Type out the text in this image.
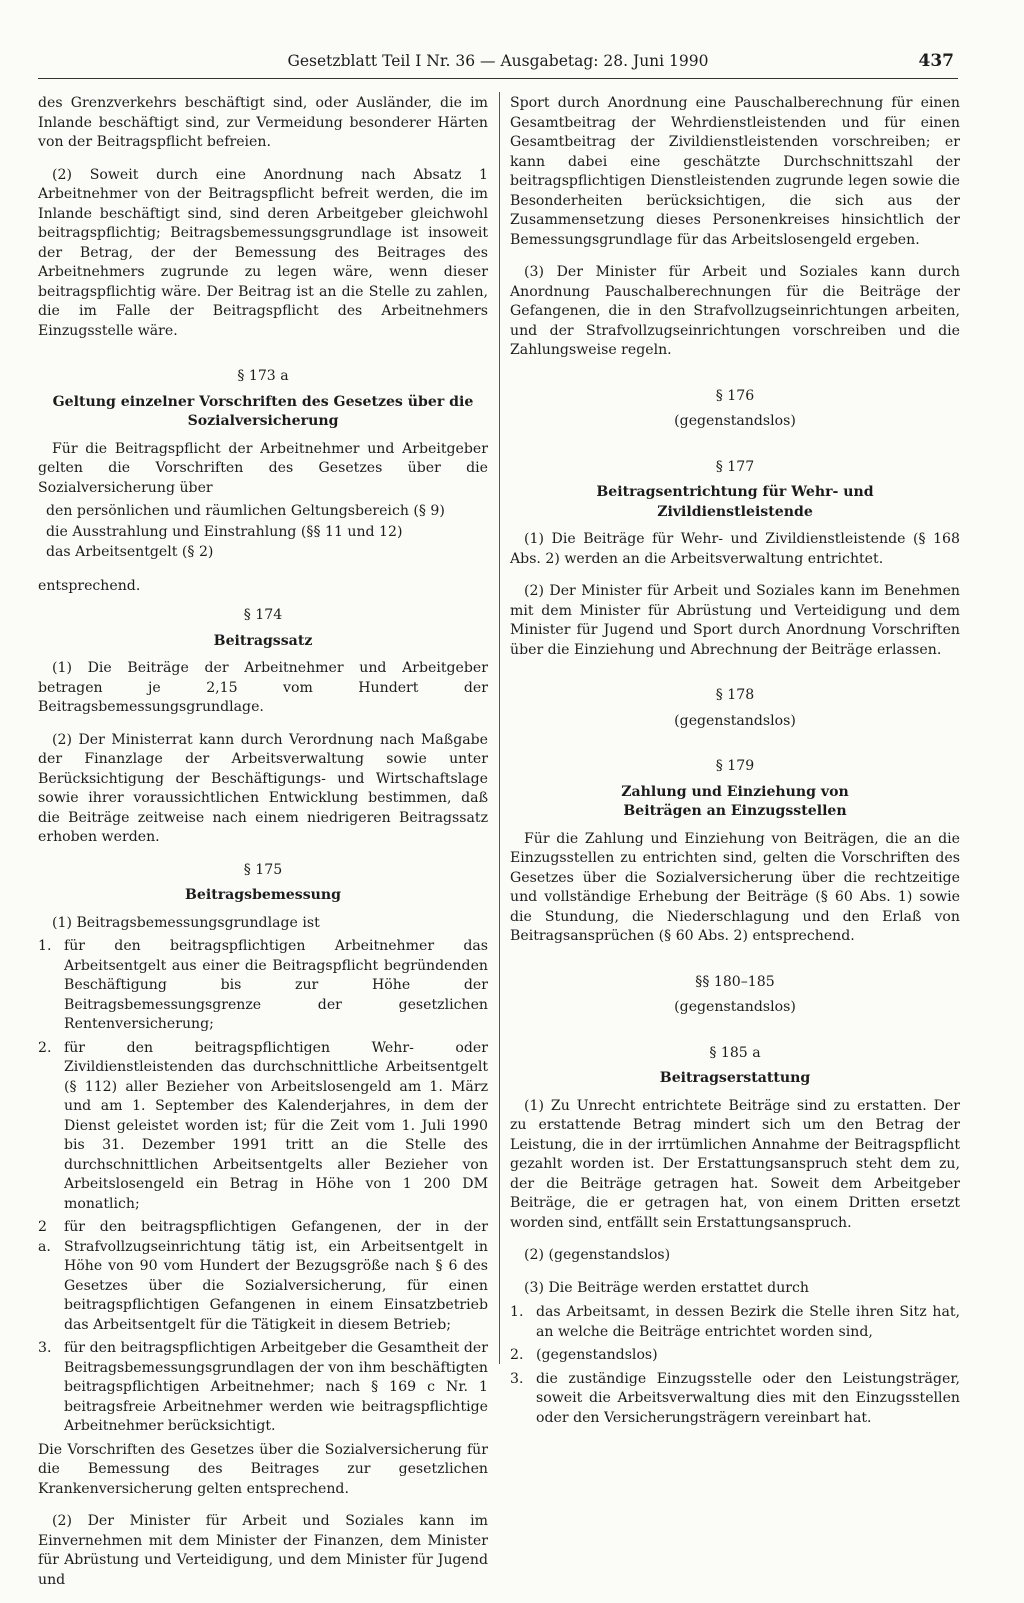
Gesetzblatt Teil I Nr. 36 — Ausgabetag: 28. Juni 1990	437

des Grenzverkehrs beschäftigt sind, oder Ausländer, die im Inlande beschäftigt sind, zur Vermeidung besonderer Härten von der Beitragspflicht befreien.

(2) Soweit durch eine Anordnung nach Absatz 1 Arbeitnehmer von der Beitragspflicht befreit werden, die im Inlande beschäftigt sind, sind deren Arbeitgeber gleichwohl beitragspflichtig; Beitragsbemessungsgrundlage ist insoweit der Betrag, der der Bemessung des Beitrages des Arbeitnehmers zugrunde zu legen wäre, wenn dieser beitragspflichtig wäre. Der Beitrag ist an die Stelle zu zahlen, die im Falle der Beitragspflicht des Arbeitnehmers Einzugsstelle wäre.

§ 173 a
Geltung einzelner Vorschriften des Gesetzes über die Sozialversicherung

Für die Beitragspflicht der Arbeitnehmer und Arbeitgeber gelten die Vorschriften des Gesetzes über die Sozialversicherung über

den persönlichen und räumlichen Geltungsbereich (§ 9)
die Ausstrahlung und Einstrahlung (§§ 11 und 12)
das Arbeitsentgelt (§ 2)
entsprechend.
§ 174
Beitragssatz

(1) Die Beiträge der Arbeitnehmer und Arbeitgeber betragen je 2,15 vom Hundert der Beitragsbemessungsgrundlage.

(2) Der Ministerrat kann durch Verordnung nach Maßgabe der Finanzlage der Arbeitsverwaltung sowie unter Berücksichtigung der Beschäftigungs- und Wirtschaftslage sowie ihrer voraussichtlichen Entwicklung bestimmen, daß die Beiträge zeitweise nach einem niedrigeren Beitragssatz erhoben werden.

§ 175
Beitragsbemessung
(1) Beitragsbemessungsgrundlage ist
1. für den beitragspflichtigen Arbeitnehmer das Arbeitsentgelt aus einer die Beitragspflicht begründenden Beschäftigung bis zur Höhe der Beitragsbemessungsgrenze der gesetzlichen Rentenversicherung;
2. für den beitragspflichtigen Wehr- oder Zivildienstleistenden das durchschnittliche Arbeitsentgelt (§ 112) aller Bezieher von Arbeitslosengeld am 1. März und am 1. September des Kalenderjahres, in dem der Dienst geleistet worden ist; für die Zeit vom 1. Juli 1990 bis 31. Dezember 1991 tritt an die Stelle des durchschnittlichen Arbeitsentgelts aller Bezieher von Arbeitslosengeld ein Betrag in Höhe von 1 200 DM monatlich;
2 a.
für den beitragspflichtigen Gefangenen, der in der Strafvollzugseinrichtung tätig ist, ein Arbeitsentgelt in Höhe von 90 vom Hundert der Bezugsgröße nach § 6 des Gesetzes über die Sozialversicherung, für einen beitragspflichtigen Gefangenen in einem Einsatzbetrieb das Arbeitsentgelt für die Tätigkeit in diesem Betrieb;
3. für den beitragspflichtigen Arbeitgeber die Gesamtheit der Beitragsbemessungsgrundlagen der von ihm beschäftigten beitragspflichtigen Arbeitnehmer; nach § 169 c Nr. 1 beitragsfreie Arbeitnehmer werden wie beitragspflichtige Arbeitnehmer berücksichtigt.

Die Vorschriften des Gesetzes über die Sozialversicherung für die Bemessung des Beitrages zur gesetzlichen Krankenversicherung gelten entsprechend.

(2) Der Minister für Arbeit und Soziales kann im Einvernehmen mit dem Minister der Finanzen, dem Minister für Abrüstung und Verteidigung, und dem Minister für Jugend und

Sport durch Anordnung eine Pauschalberechnung für einen Gesamtbeitrag der Wehrdienstleistenden und für einen Gesamtbeitrag der Zivildienstleistenden vorschreiben; er kann dabei eine geschätzte Durchschnittszahl der beitragspflichtigen Dienstleistenden zugrunde legen sowie die Besonderheiten berücksichtigen, die sich aus der Zusammensetzung dieses Personenkreises hinsichtlich der Bemessungsgrundlage für das Arbeitslosengeld ergeben.

(3) Der Minister für Arbeit und Soziales kann durch Anordnung Pauschalberechnungen für die Beiträge der Gefangenen, die in den Strafvollzugseinrichtungen arbeiten, und der Strafvollzugseinrichtungen vorschreiben und die Zahlungsweise regeln.

§ 176
(gegenstandslos)
§ 177
Beitragsentrichtung für Wehr- und Zivildienstleistende

(1) Die Beiträge für Wehr- und Zivildienstleistende (§ 168 Abs. 2) werden an die Arbeitsverwaltung entrichtet.

(2) Der Minister für Arbeit und Soziales kann im Benehmen mit dem Minister für Abrüstung und Verteidigung und dem Minister für Jugend und Sport durch Anordnung Vorschriften über die Einziehung und Abrechnung der Beiträge erlassen.

§ 178
(gegenstandslos)
§ 179
Zahlung und Einziehung von Beiträgen an Einzugsstellen

Für die Zahlung und Einziehung von Beiträgen, die an die Einzugsstellen zu entrichten sind, gelten die Vorschriften des Gesetzes über die Sozialversicherung über die rechtzeitige und vollständige Erhebung der Beiträge (§ 60 Abs. 1) sowie die Stundung, die Niederschlagung und den Erlaß von Beitragsansprüchen (§ 60 Abs. 2) entsprechend.

§§ 180–185
(gegenstandslos)
§ 185 a
Beitragserstattung

(1) Zu Unrecht entrichtete Beiträge sind zu erstatten. Der zu erstattende Betrag mindert sich um den Betrag der Leistung, die in der irrtümlichen Annahme der Beitragspflicht gezahlt worden ist. Der Erstattungsanspruch steht dem zu, der die Beiträge getragen hat. Soweit dem Arbeitgeber Beiträge, die er getragen hat, von einem Dritten ersetzt worden sind, entfällt sein Erstattungsanspruch.

(2) (gegenstandslos)

(3) Die Beiträge werden erstattet durch

1. das Arbeitsamt, in dessen Bezirk die Stelle ihren Sitz hat, an welche die Beiträge entrichtet worden sind,
2. (gegenstandslos)
3. die zuständige Einzugsstelle oder den Leistungsträger, soweit die Arbeitsverwaltung dies mit den Einzugsstellen oder den Versicherungsträgern vereinbart hat.
